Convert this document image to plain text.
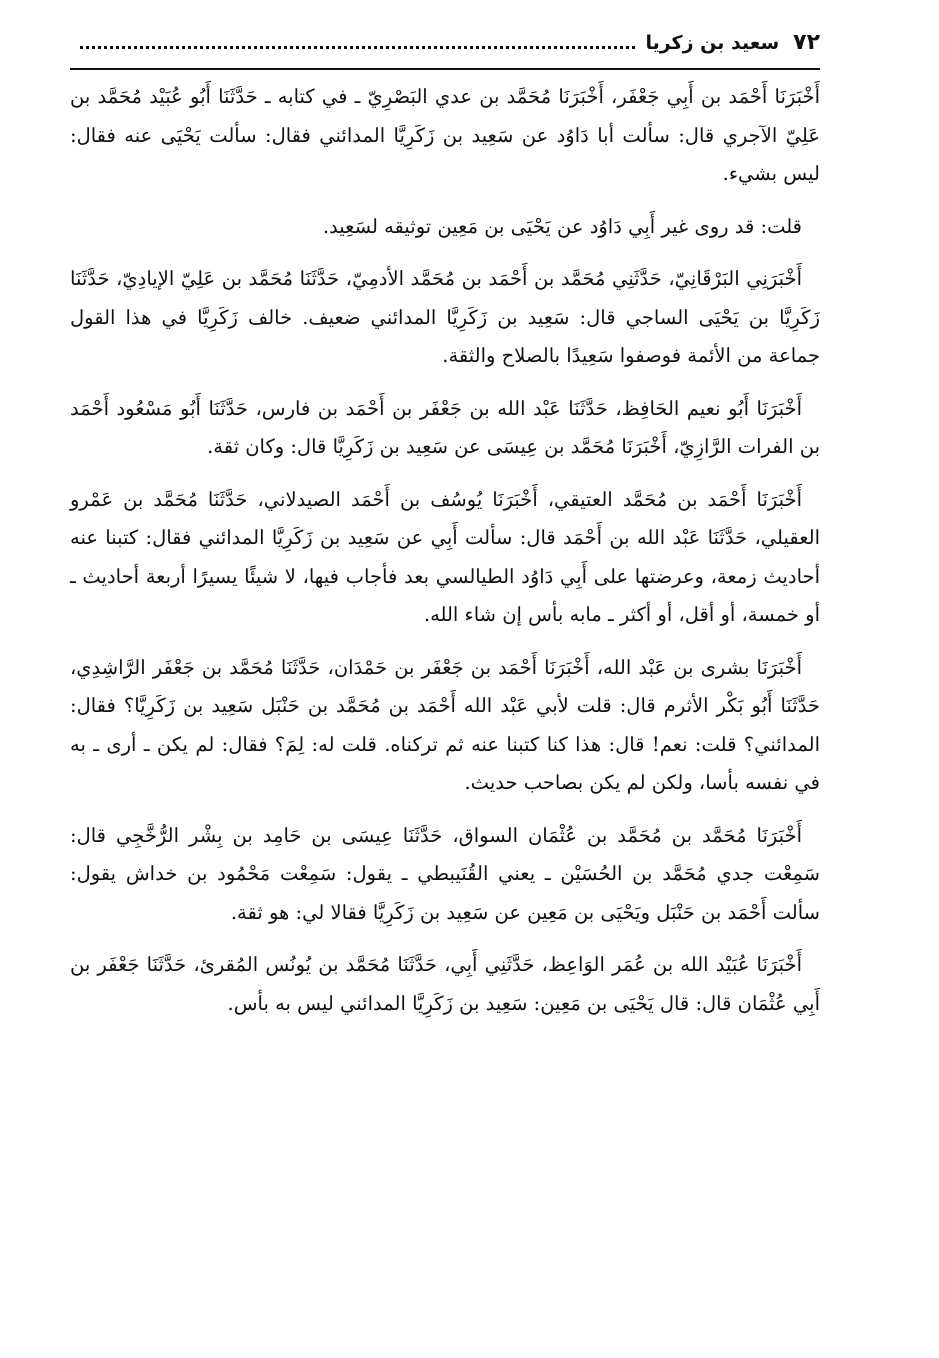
٧٢
سعيد بن زكريا

أَخْبَرَنَا أَحْمَد بن أَبِي جَعْفَر، أَخْبَرَنَا مُحَمَّد بن عدي البَصْرِيّ ـ في كتابه ـ حَدَّثَنَا أَبُو عُبَيْد مُحَمَّد بن عَلِيّ الآجري قال: سألت أبا دَاوُد عن سَعِيد بن زَكَرِيَّا المدائني فقال: سألت يَحْيَى عنه فقال: ليس بشيء.

قلت: قد روى غير أَبِي دَاوُد عن يَحْيَى بن مَعِين توثيقه لسَعِيد.

أَخْبَرَنِي البَرْقَانِيّ، حَدَّثَنِي مُحَمَّد بن أَحْمَد بن مُحَمَّد الأدمِيّ، حَدَّثَنَا مُحَمَّد بن عَلِيّ الإيادِيّ، حَدَّثَنَا زَكَرِيَّا بن يَحْيَى الساجي قال: سَعِيد بن زَكَرِيَّا المدائني ضعيف. خالف زَكَرِيَّا في هذا القول جماعة من الأئمة فوصفوا سَعِيدًا بالصلاح والثقة.

أَخْبَرَنَا أَبُو نعيم الحَافِظ، حَدَّثَنَا عَبْد الله بن جَعْفَر بن أَحْمَد بن فارس، حَدَّثَنَا أَبُو مَسْعُود أَحْمَد بن الفرات الرَّازِيّ، أَخْبَرَنَا مُحَمَّد بن عِيسَى عن سَعِيد بن زَكَرِيَّا قال: وكان ثقة.

أَخْبَرَنَا أَحْمَد بن مُحَمَّد العتيقي، أَخْبَرَنَا يُوسُف بن أَحْمَد الصيدلاني، حَدَّثَنَا مُحَمَّد بن عَمْرو العقيلي، حَدَّثَنَا عَبْد الله بن أَحْمَد قال: سألت أَبِي عن سَعِيد بن زَكَرِيَّا المدائني فقال: كتبنا عنه أحاديث زمعة، وعرضتها على أَبِي دَاوُد الطيالسي بعد فأجاب فيها، لا شيئًا يسيرًا أربعة أحاديث ـ أو خمسة، أو أقل، أو أكثر ـ مابه بأس إن شاء الله.

أَخْبَرَنَا بشرى بن عَبْد الله، أَخْبَرَنَا أَحْمَد بن جَعْفَر بن حَمْدَان، حَدَّثَنَا مُحَمَّد بن جَعْفَر الرَّاشِدِي، حَدَّثَنَا أَبُو بَكْر الأثرم قال: قلت لأبي عَبْد الله أَحْمَد بن مُحَمَّد بن حَنْبَل سَعِيد بن زَكَرِيَّا؟ فقال: المدائني؟ قلت: نعم! قال: هذا كنا كتبنا عنه ثم تركناه. قلت له: لِمَ؟ فقال: لم يكن ـ أرى ـ به في نفسه بأسا، ولكن لم يكن بصاحب حديث.

أَخْبَرَنَا مُحَمَّد بن مُحَمَّد بن عُثْمَان السواق، حَدَّثَنَا عِيسَى بن حَامِد بن بِشْر الرُّخَّجِي قال: سَمِعْت جدي مُحَمَّد بن الحُسَيْن ـ يعني القُنَيبطي ـ يقول: سَمِعْت مَحْمُود بن خداش يقول: سألت أَحْمَد بن حَنْبَل ويَحْيَى بن مَعِين عن سَعِيد بن زَكَرِيَّا فقالا لي: هو ثقة.

أَخْبَرَنَا عُبَيْد الله بن عُمَر الوَاعِظ، حَدَّثَنِي أَبِي، حَدَّثَنَا مُحَمَّد بن يُونُس المُقرئ، حَدَّثَنَا جَعْفَر بن أَبِي عُثْمَان قال: قال يَحْيَى بن مَعِين: سَعِيد بن زَكَرِيَّا المدائني ليس به بأس.
